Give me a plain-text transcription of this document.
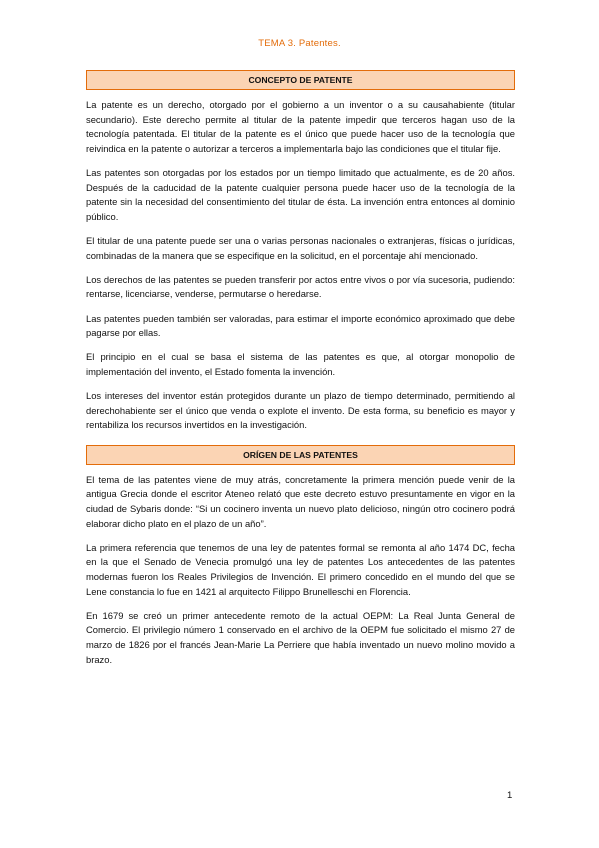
TEMA 3. Patentes.
CONCEPTO DE PATENTE

La patente es un derecho, otorgado por el gobierno a un inventor o a su causahabiente (titular secundario). Este derecho permite al titular de la patente impedir que terceros hagan uso de la tecnología patentada. El titular de la patente es el único que puede hacer uso de la tecnología que reivindica en la patente o autorizar a terceros a implementarla bajo las condiciones que el titular fije.

Las patentes son otorgadas por los estados por un tiempo limitado que actualmente, es de 20 años. Después de la caducidad de la patente cualquier persona puede hacer uso de la tecnología de la patente sin la necesidad del consentimiento del titular de ésta. La invención entra entonces al dominio público.

El titular de una patente puede ser una o varias personas nacionales o extranjeras, físicas o jurídicas, combinadas de la manera que se especifique en la solicitud, en el porcentaje ahí mencionado.

Los derechos de las patentes se pueden transferir por actos entre vivos o por vía sucesoria, pudiendo: rentarse, licenciarse, venderse, permutarse o heredarse.

Las patentes pueden también ser valoradas, para estimar el importe económico aproximado que debe pagarse por ellas.

El principio en el cual se basa el sistema de las patentes es que, al otorgar monopolio de implementación del invento, el Estado fomenta la invención.

Los intereses del inventor están protegidos durante un plazo de tiempo determinado, permitiendo al derechohabiente ser el único que venda o explote el invento. De esta forma, su beneficio es mayor y rentabiliza los recursos invertidos en la investigación.

ORÍGEN DE LAS PATENTES

El tema de las patentes viene de muy atrás, concretamente la primera mención puede venir de la antigua Grecia donde el escritor Ateneo relató que este decreto estuvo presuntamente en vigor en la ciudad de Sybaris donde: “Si un cocinero inventa un nuevo plato delicioso, ningún otro cocinero podrá elaborar dicho plato en el plazo de un año”.

La primera referencia que tenemos de una ley de patentes formal se remonta al año 1474 DC, fecha en la que el Senado de Venecia promulgó una ley de patentes Los antecedentes de las patentes modernas fueron los Reales Privilegios de Invención. El primero concedido en el mundo del que se Lene constancia lo fue en 1421 al arquitecto Filippo Brunelleschi en Florencia.

En 1679 se creó un primer antecedente remoto de la actual OEPM: La Real Junta General de Comercio. El privilegio número 1 conservado en el archivo de la OEPM fue solicitado el mismo 27 de marzo de 1826 por el francés Jean-Marie La Perriere que había inventado un nuevo molino movido a brazo.

1
